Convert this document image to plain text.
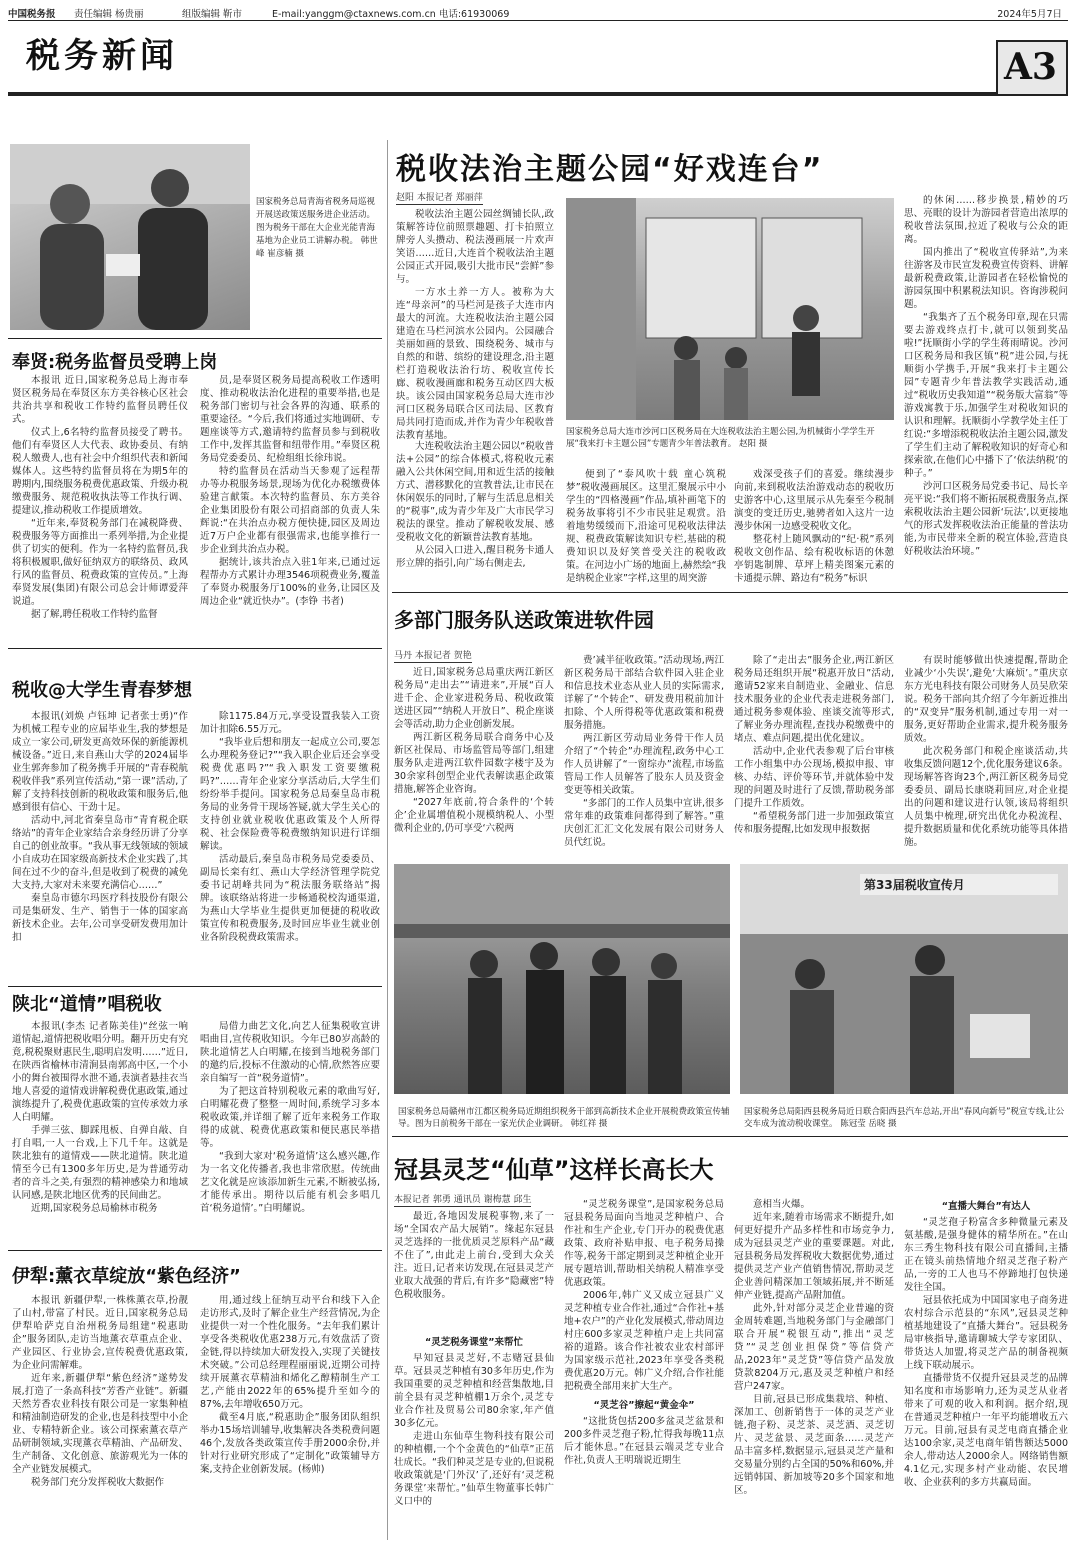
中国税务报 责任编辑 杨贵丽	组版编辑 靳市	E-mail:yanggm@ctaxnews.com.cn 电话:61930069	2024年5月7日
税务新闻	A3
国家税务总局青海省税务局巡视开展送政策送服务进企业活动。图为税务干部在大企业光能青海基地为企业员工讲解办税。 韩世峰 崔彦楠 摄
奉贤:税务监督员受聘上岗

本报讯 近日,国家税务总局上海市奉贤区税务局在奉贤区东方美谷核心区社会共治共享和税收工作特约监督员聘任仪式。

仪式上,6名特约监督员接受了聘书。他们有奉贤区人大代表、政协委员、有纳税人缴费人,也有社会中介组织代表和新闻媒体人。这些特约监督员将在为期5年的聘期内,围绕服务税费优惠政策、升级办税缴费服务、规范税收执法等工作执行调、提建议,推动税收工作提质增效。

“近年来,奉贤税务部门在减税降费、税费服务等方面推出一系列举措,为企业提供了切实的便利。作为一名特约监督员,我将积极履职,做好征纳双方的联络员、政风行风的监督员、税费政策的宣传员。”上海奉贤发展(集团)有限公司总会计师谭爱萍说道。

据了解,聘任税收工作特约监督

员,是奉贤区税务局提高税收工作透明度、推动税收法治化进程的重要举措,也是税务部门密切与社会各界的沟通、联系的重要途径。“今后,我们将通过实地调研、专题座谈等方式,邀请特约监督员参与到税收工作中,发挥其监督和纽带作用。”奉贤区税务局党委委员、纪检组组长徐玮说。

特约监督员在活动当天参观了远程帮办等办税服务场景,现场为优化办税缴费体验建言献策。本次特约监督员、东方美谷企业集团股份有限公司招商部的负责人朱辉说:“在共治点办税方便快捷,园区及周边近7万户企业都有很强需求,也能享推行一步企业到共治点办税。

据统计,该共治点入驻1年来,已通过远程帮办方式累计办理3546项税费业务,覆盖了奉贤办税服务厅100%的业务,让园区及周边企业“就近快办”。(李铮 书者)

税收@大学生青春梦想

本报讯(刘焕 卢钰坤 记者张士勇)“作为机械工程专业的应届毕业生,我的梦想是成立一家公司,研发更高效环保的新能源机械设备。”近日,来自燕山大学的2024届毕业生郭奔参加了税务携手开展的“青春税航 税收伴我”系列宣传活动,“第一课”活动,了解了支持科技创新的税收政策和服务后,他感到很有信心、干劲十足。

活动中,河北省秦皇岛市“青育税企联络站”的青年企业家结合亲身经历讲了分享自己的创业故事。“我从事无线领域的领域小自成功在国家级高新技术企业实践了,其间在过不少的奋斗,但是收到了税费的减免大支持,大家对未来要充满信心……”

秦皇岛市德尔玛医疗科技股份有限公司是集研发、生产、销售于一体的国家高新技术企业。去年,公司享受研发费用加计扣

除1175.84万元,享受设置我装入工资加计扣除6.55万元。

“我毕业后想和朋友一起成立公司,要怎么办理税务登记?”“我入职企业后还会享受税费优惠吗?”“我入职发工资要缴税吗?”……青年企业家分享活动后,大学生们纷纷举手提问。国家税务总局秦皇岛市税务局的业务骨干现场答疑,就大学生关心的支持创业就业税收优惠政策及个人所得税、社会保险费等税费缴纳知识进行详细解读。

活动最后,秦皇岛市税务局党委委员、副局长栾有红、燕山大学经济管理学院党委书记胡峰共同为“税法服务联络站”揭牌。该联络站将进一步畅通税校沟通渠道,为燕山大学毕业生提供更加便捷的税收政策宣传和税费服务,及时回应毕业生就业创业各阶段税费政策需求。

陕北“道情”唱税收

本报讯(李杰 记者陈美佳)“丝弦一响道情起,道情把税收唱分明。翻开历史有究竟,税税聚财惠民生,聪明启发明……”近日,在陕西省榆林市清涧县南郭高中区,一个小小的舞台被围得水泄不通,表演者悬挂衣当地人喜爱的道情戏讲解税费优惠政策,通过演练提升了,税费优惠政策的宣传承效力承人白明耀。

手弹三弦、脚踩甩板、自弹自敲、自打自唱,一人一台戏,上下几千年。这就是陕北独有的道情戏——陕北道情。陕北道情至今已有1300多年历史,是为普通劳动者的音斗之美,有强烈的精神感染力和地域认同感,是陕北地区优秀的民间曲艺。

近期,国家税务总局榆林市税务

局借力曲艺文化,向艺人征集税收宣讲唱曲目,宣传税收知识。今年已80岁高龄的陕北道情艺人白明耀,在接到当地税务部门的邀约后,投标不住激动的心情,欣然答应要亲自编写一首“税务道情”。

为了把这首特别税收元素的歌曲写好,白明耀花费了整整一周时间,系统学习多本税收政策,并详细了解了近年来税务工作取得的成就、税费优惠政策和便民惠民举措等。

“我到大家对‘税务道情’这么感兴趣,作为一名文化传播者,我也非常欣慰。传统曲艺文化就是应该添加新生元素,不断被弘扬,才能传承出。期待以后能有机会多唱几首‘税务道情’。”白明耀说。

伊犁:薰衣草绽放“紫色经济”

本报讯 新疆伊犁,一株株薰衣草,扮靓了山村,带富了村民。近日,国家税务总局伊犁哈萨克自治州税务局组建“税惠助企”服务团队,走访当地薰衣草重点企业、产业园区、行业协会,宣传税费优惠政策,为企业问需解难。

近年来,新疆伊犁“紫色经济”遂势发展,打造了一条高科技“芳香产业链”。新疆天然芳香农业科技有限公司是一家集种植和精油制造研发的企业,也是科技型中小企业、专精特新企业。该公司探索薰衣草产品研制领域,实现薰衣草精油、产品研发、生产制备、文化创意、旅游观光为一体的全产业链发展模式。

税务部门充分发挥税收大数据作

用,通过线上征纳互动平台和线下入企走访形式,及时了解企业生产经营情况,为企业提供一对一个性化服务。“去年我们累计享受各类税收优惠238万元,有效盘活了资金链,得以持续加大研发投入,实现了关键技术突破。”公司总经理程丽丽说,近期公司持续开展薰衣草精油和烯化乙醇精制生产工艺,产能由2022年的65%提升至如今的87%,去年增收650万元。

截至4月底,“税惠助企”服务团队组织举办15场培训辅导,收集解决各类税费问题46个,发放各类政策宣传手册2000余份,并针对行业研究形成了“定制化”政策辅导方案,支持企业创新发展。(杨帅)

税收法治主题公园“好戏连台”
赵阳 本报记者 郑丽萍

税收法治主题公园丝绸铺长队,政策解答诗位前照票趣题、打卡拍照立牌旁人头攒动、税法漫画展一片欢声笑语……近日,大连首个税收法治主题公园正式开园,吸引大批市民“尝鲜”参与。

一方水土养一方人。被称为大连“母亲河”的马栏河是孩子大连市内最大的河流。大连税收法治主题公园建造在马栏河滨水公园内。公园融合美丽如画的景致、围绕税务、城市与自然的和谐、缤纷的建设理念,沿主题栏打造税收法治行坊、税收宣传长廊、税收漫画廊和税务互动区四大板块。该公园由国家税务总局大连市沙河口区税务局联合区司法局、区教育局共同打造而成,并作为青少年税收普法教育基地。

大连税收法治主题公园以“税收普法+公园”的综合体模式,将税收元素融入公共休闲空间,用和近生活的接触方式、潜移默化的宣教普法,让市民在休闲娱乐的同时,了解与生活息息相关的“税事”,成为青少年及广大市民学习税法的课堂。推动了解税收发展、感受税收文化的新颖普法教育基地。

从公园入口进入,醒目税务卡通人形立牌的指引,向广场右侧走去,

国家税务总局大连市沙河口区税务局在大连税收法治主题公园,为机械街小学学生开展“我来打卡主题公园”专题青少年普法教育。 赵阳 摄

便到了“泰风吹十载 童心筑税梦”税收漫画展区。这里汇聚展示中小学生的“四格漫画”作品,填补画笔下的税务故事将引不少市民驻足观赏。沿着地势缓缓而下,沿途可见税收法律法规、税费政策解读知识专栏,基础的税费知识以及好笑普受关注的税收政策。在河边小广场的地面上,赫然绘“我是纳税企业家”字样,这里的周突游

戏深受孩子们的喜爱。继续漫步向前,来到税收法治游戏动态的税收历史游客中心,这里展示从先秦至今税制演变的变迁历史,驰骋者如入这片一边漫步休闲一边感受税收文化。

整花村上随风飘动的“纪·税”系列税收文创作品、绘有税收标语的休憩亭钥匙制牌、草坪上精美图案元素的卡通提示牌、路边有“税务”标识

的休闲……移步换景,精妙的巧思、亮眼的设计为游园者营造出浓厚的税收普法氛围,拉近了税收与公众的距离。

国内推出了“税收宣传驿站”,为来往游客及市民宣发税费宣传资料、讲解最新税费政策,让游园者在轻松愉悦的游园氛围中积累税法知识。咨询涉税问题。

“我集齐了五个税务印章,现在只需要去游戏终点打卡,就可以领到奖品啦!”抚顺街小学的学生蒋雨晴说。沙河口区税务局和我区镇“税”进公园,与抚顺街小学携手,开展“我来打卡主题公园”专题青少年普法教学实践活动,通过“税收历史我知道”“税务版大富翁”等游戏寓教于乐,加强学生对税收知识的认识和理解。抚顺街小学教学处主任丁红说:“多增添税税收法治主题公园,激发了学生们主动了解税收知识的好奇心和探索欲,在他们心中播下了‘依法纳税’的种子。”

沙河口区税务局党委书记、局长辛亮平说:“我们将不断拓展税费服务点,探索税收法治主题公园新‘玩法’,以更接地气的形式发挥税收法治正能量的普法功能,为市民带来全新的税宣体验,营造良好税收法治环境。”

多部门服务队送政策进软件园
马丹 本报记者 贺艳

近日,国家税务总局重庆两江新区税务局“走出去”“请进来”,开展“百人进千企、企业家进税务局、税收政策送进区园”“纳税人开放日”、税企座谈会等活动,助力企业创新发展。

两江新区税务局联合商务中心及新区社保局、市场监管局等部门,组建服务队走进两江软件园数字楼宇及为30余家科创型企业代表解读惠企政策措施,解答企业咨询。

“2027年底前,符合条件的‘个转企’企业属增值税小规模纳税人、小型微利企业的,仍可享受‘六税两

费’减半征收政策。”活动现场,两江新区税务局干部结合软件园入驻企业和信息技术业态从业人员的实际需求,详解了“个转企”、研发费用税前加计扣除、个人所得税等优惠政策和税费服务措施。

两江新区劳动局业务骨干作人员介绍了“个转企”办理流程,政务中心工作人员讲解了“一窗综办”流程,市场监管局工作人员解答了股东人员及资金变更等相关政策。

“多部门的工作人员集中宣讲,很多常年难的政策难问都得到了解答。”重庆创汇汇汇文化发展有限公司财务人员代红说。

除了“走出去”服务企业,两江新区税务局还组织开展“税惠开放日”活动,邀请52家来自制造业、金融业、信息技术服务业的企业代表走进税务部门,通过税务参观体验、座谈交流等形式,了解业务办理流程,查找办税缴费中的堵点、难点问题,提出优化建议。

活动中,企业代表参观了后台审核工作小组集中办公现场,模拟申报、审核、办结、评价等环节,并就体验中发现的问题及时进行了反馈,帮助税务部门提升工作质效。

“希望税务部门进一步加强政策宣传和服务提醒,比如发现申报数据

有误时能够做出快速提醒,帮助企业减少‘小失误’,避免‘大麻烦’。”重庆京东方光电科技有限公司财务人员吴欣荣说。税务干部向其介绍了今年新近推出的“双变异”服务机制,通过专用一对一服务,更好帮助企业需求,提升税务服务质效。

此次税务部门和税企座谈活动,共收集反馈问题12个,优化服务建议6条。现场解答咨询23个,两江新区税务局党委委员、副局长康晓莉回应,对企业提出的问题和建议进行认领,该局将组织人员集中梳理,研究出优化办税流程、提升数据质量和优化系统功能等具体措施。

第33届税收宣传月
国家税务总局赣州市江都区税务局近期组织税务干部到高新技术企业开展税费政策宣传辅导。图为日前税务干部在一家光伏企业调研。 韩红祥 摄
国家税务总局阳西县税务局近日联合阳西县汽车总站,开出“春风向新号”税宣专线,让公交车成为流动税收课堂。 陈冠莹 岳晓 摄
冠县灵芝“仙草”这样长高长大
本报记者 郭勇 通讯员 谢梅慧 邱生

最近,各地因发展税事物,来了一场“全国农产品大展销”。缘起东冠县灵芝选择的一批优质灵芝原料产品“藏不住了”,由此走上前台,受到大众关注。近日,记者来访发现,在冠县灵芝产业取大战强的背后,有许多“隐藏密”特色税收服务。

“灵芝税务课堂”来帮忙

早知冠县灵芝好,不志赌冠县仙草。冠县灵芝种植有30多年历史,作为我国重要的灵芝种植和经营集散地,目前全县有灵芝种植棚1万余个,灵芝专业合作社及贸易公司80余家,年产值30多亿元。

走进山东仙草生物科技有限公司的种植棚,一个个金黄色的“仙草”正茁壮成长。“我们种灵芝是专业的,但说税收政策就是‘门外汉’了,还好有‘灵芝税务课堂’来帮忙。”仙草生物董事长韩广义口中的

“灵芝税务课堂”,是国家税务总局冠县税务局面向当地灵芝种植户、合作社和生产企业,专门开办的税费优惠政策、政府补贴申报、电子税务局操作等,税务干部定期到灵芝种植企业开展专题培训,帮助相关纳税人精准享受优惠政策。

2006年,韩广义又成立冠县广义灵芝种植专业合作社,通过“合作社+基地+农户”的产业化发展模式,带动周边村庄600多家灵芝种植户走上共同富裕的道路。该合作社被农业农村部评为国家级示范社,2023年享受各类税费优惠20万元。韩广义介绍,合作社能把税费全部用来扩大生产。

“灵芝谷”擦起“黄金伞”

“这批货包括200多盆灵芝盆景和200多件灵芝孢子粉,忙得我每晚11点后才能休息。”在冠县云端灵芝专业合作社,负责人王明瑞说近期生

意相当火爆。

近年来,随着市场需求不断提升,如何更好提升产品多样性和市场竞争力,成为冠县灵芝产业的重要课题。对此,冠县税务局发挥税收大数据优势,通过提供灵芝产业产值销售情况,帮助灵芝企业善问精深加工领域拓展,并不断延伸产业链,提高产品附加值。

此外,针对部分灵芝企业普遍的资金周转难题,当地税务部门与金融部门联合开展“税银互动”,推出“灵芝贷”“灵芝创业担保贷”等信贷产品,2023年“灵芝贷”等信贷产品发放贷款8204万元,惠及灵芝种植户和经营户247家。

目前,冠县已形成集栽培、种植、深加工、创新销售于一体的灵芝产业链,孢子粉、灵芝茶、灵芝酒、灵芝切片、灵芝盆景、灵芝面条……灵芝产品丰富多样,数据显示,冠县灵芝产量和交易量分别约占全国的50%和60%,并远销韩国、新加坡等20多个国家和地区。

“直播大舞台”有达人

“灵芝孢子粉富含多种微量元素及氨基酸,是强身健体的精华所在。”在山东三秀生物科技有限公司直播间,主播正在镜头前热情地介绍灵芝孢子粉产品,一旁的工人也马不停蹄地打包快递发往全国。

冠县依托成为中国国家电子商务进农村综合示范县的“东风”,冠县灵芝种植基地建设了“直播大舞台”。冠县税务局审核指导,邀请聊城大学专家团队、带货达人加盟,将灵芝产品的制备视频上线下联动展示。

直播带货不仅提升冠县灵芝的品牌知名度和市场影响力,还为灵芝从业者带来了可观的收入和利润。据介绍,现在普通灵芝种植户一年平均能增收五六万元。目前,冠县有灵芝电商直播企业达100余家,灵芝电商年销售额达5000余人,带动达人2000余人。网络销售额4.1亿元,实现多村产业动能、农民增收、企业获利的多方共赢局面。
